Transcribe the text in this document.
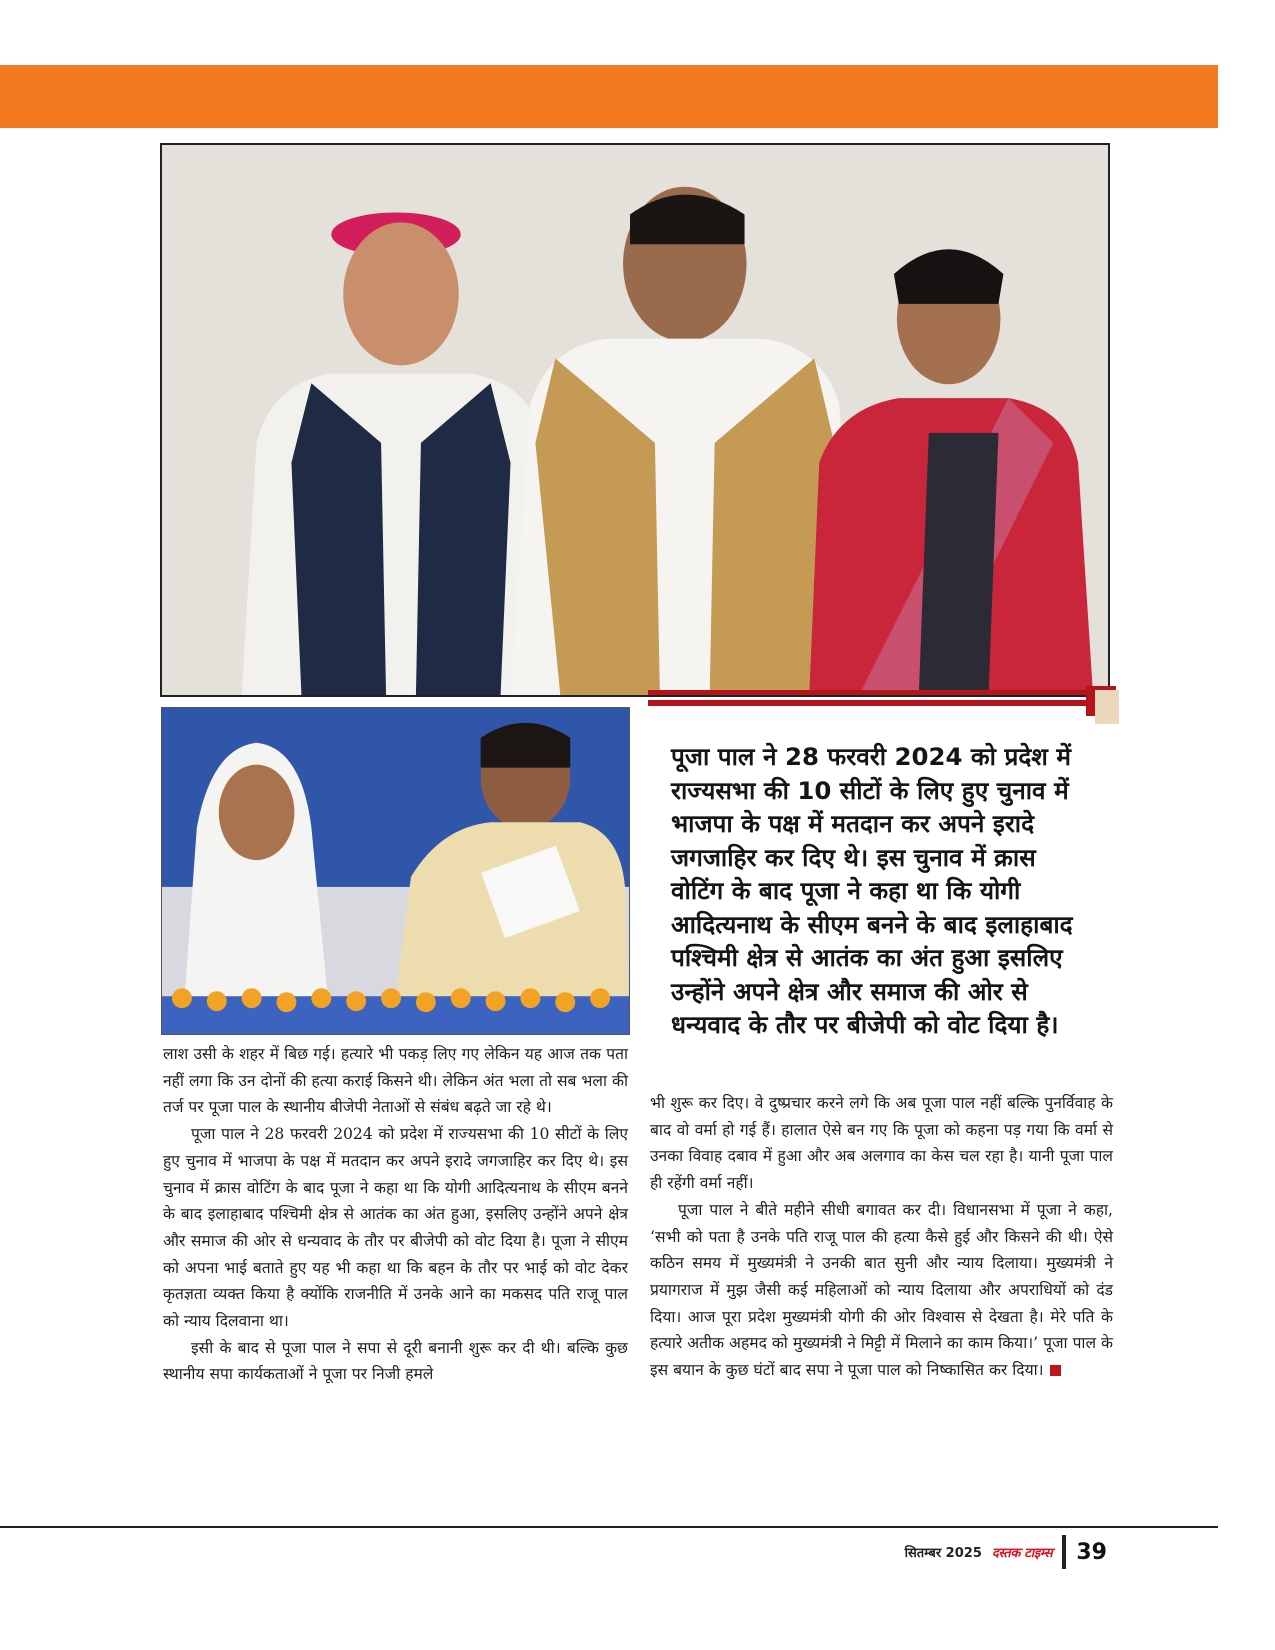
पूजा पाल ने 28 फरवरी 2024 को प्रदेश में राज्यसभा की 10 सीटों के लिए हुए चुनाव में भाजपा के पक्ष में मतदान कर अपने इरादे जगजाहिर कर दिए थे। इस चुनाव में क्रास वोटिंग के बाद पूजा ने कहा था कि योगी आदित्यनाथ के सीएम बनने के बाद इलाहाबाद पश्चिमी क्षेत्र से आतंक का अंत हुआ इसलिए उन्होंने अपने क्षेत्र और समाज की ओर से धन्यवाद के तौर पर बीजेपी को वोट दिया है।

लाश उसी के शहर में बिछ गई। हत्यारे भी पकड़ लिए गए लेकिन यह आज तक पता नहीं लगा कि उन दोनों की हत्या कराई किसने थी। लेकिन अंत भला तो सब भला की तर्ज पर पूजा पाल के स्थानीय बीजेपी नेताओं से संबंध बढ़ते जा रहे थे।

पूजा पाल ने 28 फरवरी 2024 को प्रदेश में राज्यसभा की 10 सीटों के लिए हुए चुनाव में भाजपा के पक्ष में मतदान कर अपने इरादे जगजाहिर कर दिए थे। इस चुनाव में क्रास वोटिंग के बाद पूजा ने कहा था कि योगी आदित्यनाथ के सीएम बनने के बाद इलाहाबाद पश्चिमी क्षेत्र से आतंक का अंत हुआ, इसलिए उन्होंने अपने क्षेत्र और समाज की ओर से धन्यवाद के तौर पर बीजेपी को वोट दिया है। पूजा ने सीएम को अपना भाई बताते हुए यह भी कहा था कि बहन के तौर पर भाई को वोट देकर कृतज्ञता व्यक्त किया है क्योंकि राजनीति में उनके आने का मकसद पति राजू पाल को न्याय दिलवाना था।

इसी के बाद से पूजा पाल ने सपा से दूरी बनानी शुरू कर दी थी। बल्कि कुछ स्थानीय सपा कार्यकताओं ने पूजा पर निजी हमले

भी शुरू कर दिए। वे दुष्प्रचार करने लगे कि अब पूजा पाल नहीं बल्कि पुनर्विवाह के बाद वो वर्मा हो गई हैं। हालात ऐसे बन गए कि पूजा को कहना पड़ गया कि वर्मा से उनका विवाह दबाव में हुआ और अब अलगाव का केस चल रहा है। यानी पूजा पाल ही रहेंगी वर्मा नहीं।

पूजा पाल ने बीते महीने सीधी बगावत कर दी। विधानसभा में पूजा ने कहा, ‘सभी को पता है उनके पति राजू पाल की हत्या कैसे हुई और किसने की थी। ऐसे कठिन समय में मुख्यमंत्री ने उनकी बात सुनी और न्याय दिलाया। मुख्यमंत्री ने प्रयागराज में मुझ जैसी कई महिलाओं को न्याय दिलाया और अपराधियों को दंड दिया। आज पूरा प्रदेश मुख्यमंत्री योगी की ओर विश्वास से देखता है। मेरे पति के हत्यारे अतीक अहमद को मुख्यमंत्री ने मिट्टी में मिलाने का काम किया।’ पूजा पाल के इस बयान के कुछ घंटों बाद सपा ने पूजा पाल को निष्कासित कर दिया।

सितम्बर 2025 दस्तक टाइम्स 39
